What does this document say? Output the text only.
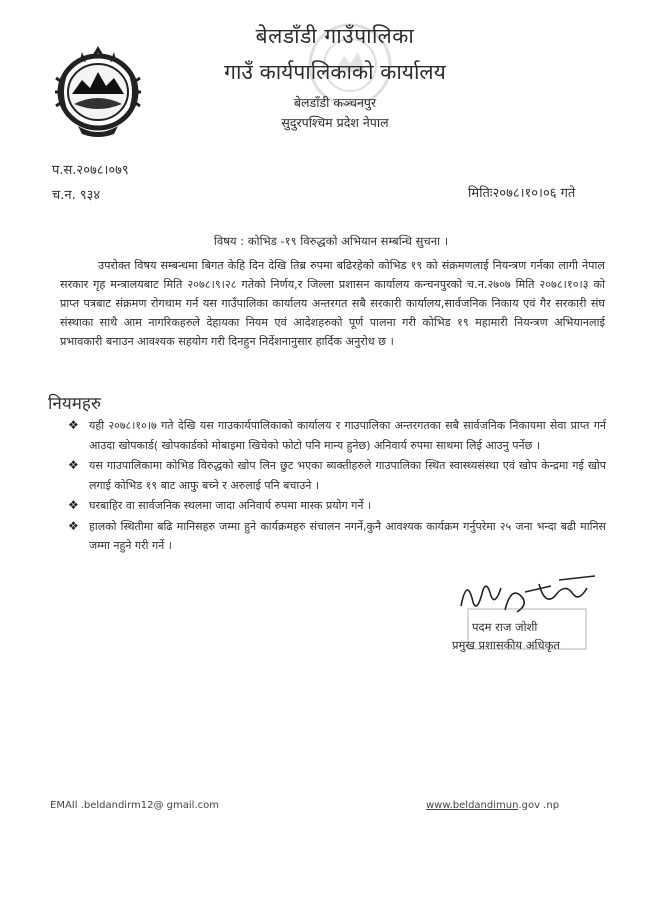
बेलडाँडी गाउँपालिका
गाउँ कार्यपालिकाको कार्यालय
बेलडाँडी कञ्चनपुर
सुदुरपश्चिम प्रदेश नेपाल
प.स.२०७८।०७९
च.न. ९३४	मितिः२०७८।१०।०६ गते
विषय : कोभिड -१९ विरुद्धको अभियान सम्बन्धि सुचना ।
उपरोक्त विषय सम्बन्धमा बिगत केहि दिन देखि तिब्र रुपमा बढिरहेको कोभिड १९ को संक्रमणलाई नियन्त्रण गर्नका लागी नेपाल सरकार गृह मन्त्रालयबाट मिति २०७८।९।२८ गतेको निर्णय,र जिल्ला प्रशासन कार्यालय कन्चनपुरको च.न.२७०७ मिति २०७८।१०।३ को प्राप्त पत्रबाट संक्रमण रोगथाम गर्न यस गाउँपालिका कार्यालय अन्तरगत सबै सरकारी कार्यालय,सार्वजनिक निकाय एवं गैर सरकारी संघ संस्थाका साथै आम नागरिकहरुले देहायका नियम एवं आदेशहरुको पूर्ण पालना गरी कोभिड १९ महामारी नियन्त्रण अभियानलाई प्रभावकारी बनाउन आवश्यक सहयोग गरी दिनहुन निर्देशनानुसार हार्दिक अनुरोध छ ।
नियमहरु
❖ यही २०७८।१०।७ गते देखि यस गाउकार्यपालिकाको कार्यालय र गाउपालिका अन्तरगतका सबै सार्वजनिक निकायमा सेवा प्राप्त गर्न आउदा खोपकार्ड( खोपकार्डको मोबाइमा खिचेको फोटो पनि मान्य हुनेछ) अनिवार्य रुपमा साथमा लिई आउनु पर्नेछ ।
❖ यस गाउपालिकामा कोभिड विरुद्धको खोप लिन छुट भएका ब्यक्तीहरुले गाउपालिका स्थित स्वास्थ्यसंस्था एवं खोप केन्द्रमा गई खोप लगाई कोभिड १९ बाट आफु बच्ने र अरुलाई पनि बचाउने ।
❖ घरबाहिर वा सार्वजनिक स्थलमा जादा अनिवार्य रुपमा मास्क प्रयोग गर्ने ।
❖ हालको स्थितीमा बढि मानिसहरु जम्मा हुने कार्यक्रमहरु संचालन नगर्ने,कुनै आवश्यक कार्यक्रम गर्नुपरेमा २५ जना भन्दा बढी मानिस जम्मा नहुने गरी गर्ने ।
पदम राज जोशी
प्रमुख प्रशासकीय अधिकृत
EMAIl .beldandirm12@ gmail.com	www.beldandimun.gov .np
